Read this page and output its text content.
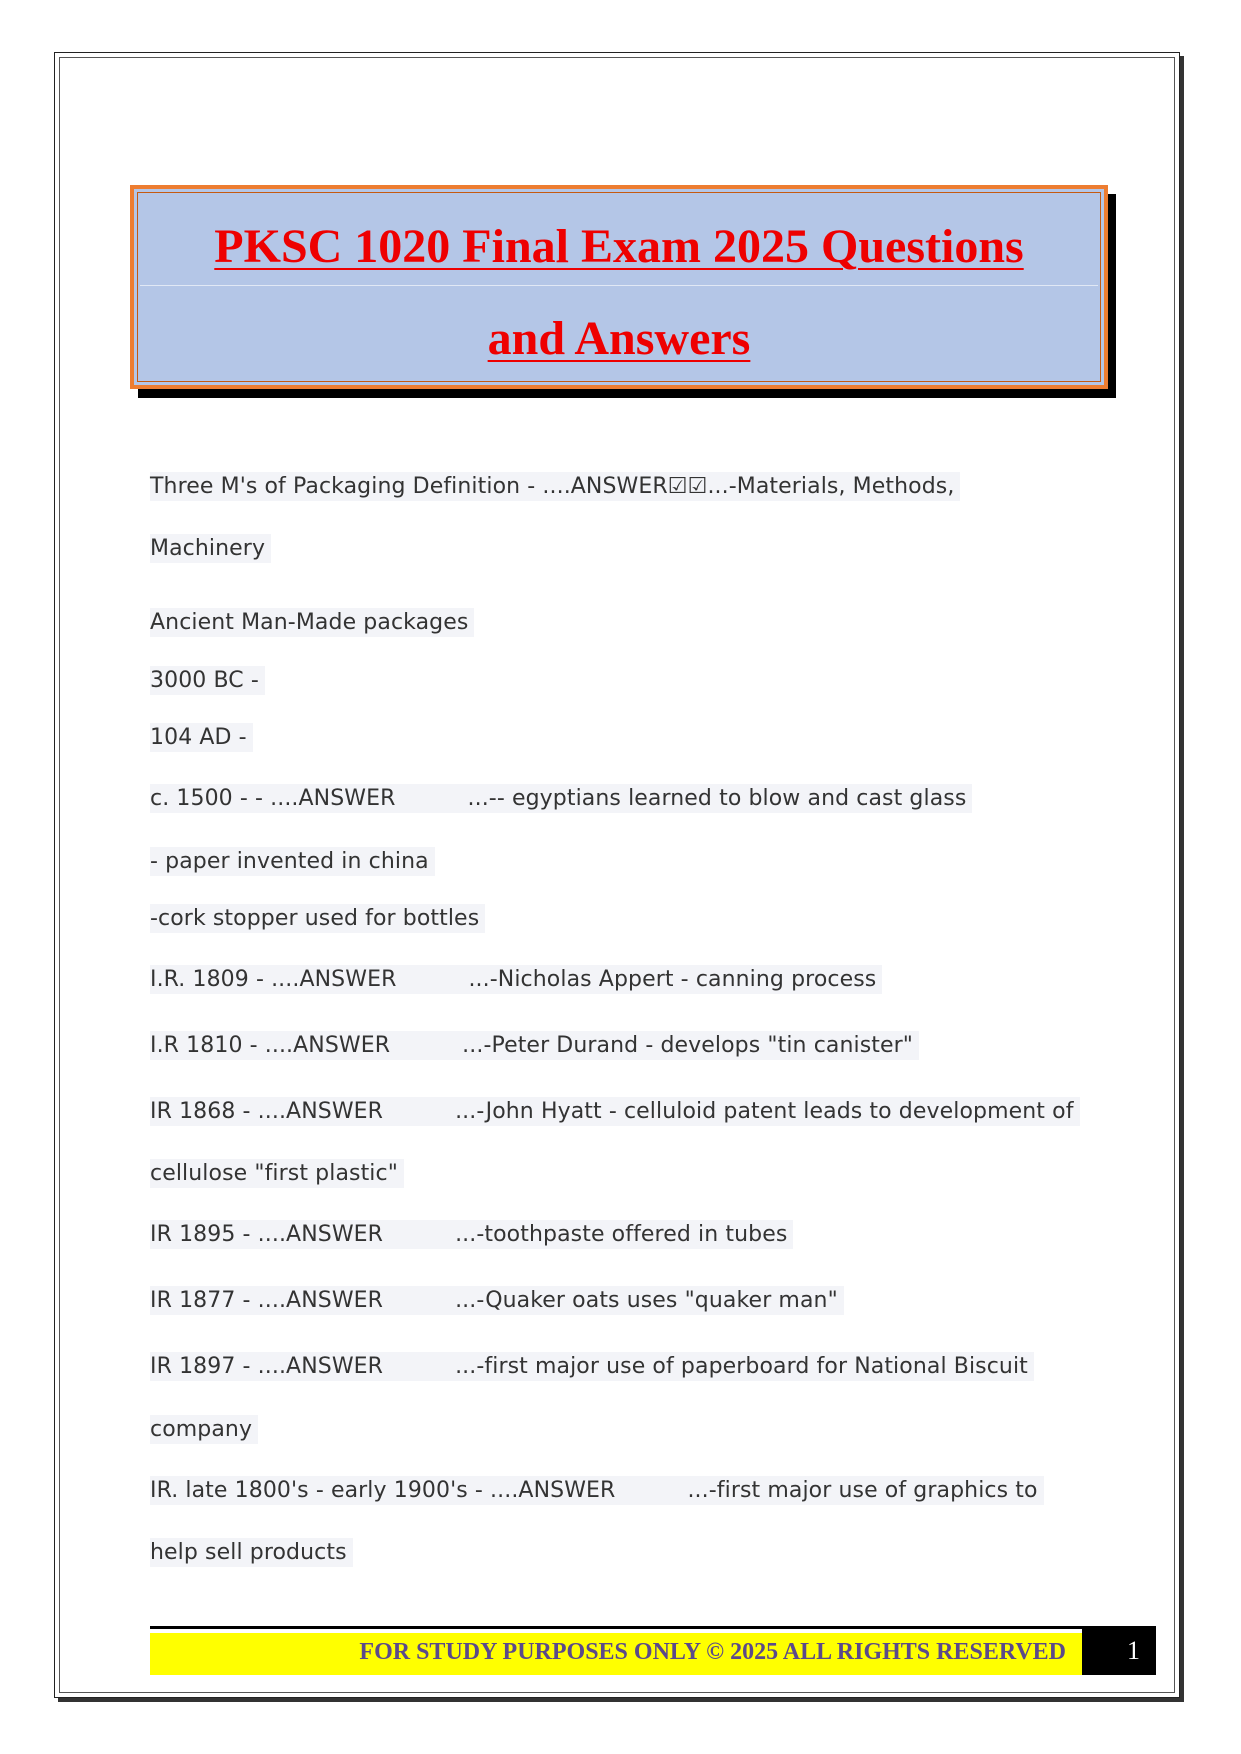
PKSC 1020 Final Exam 2025 Questions
and Answers

Three M's of Packaging Definition - ....ANSWER☑☑...-Materials, Methods,
Machinery
Ancient Man-Made packages
3000 BC -
104 AD -
c. 1500 - - ....ANSWER	...-- egyptians learned to blow and cast glass
- paper invented in china
-cork stopper used for bottles
I.R. 1809 - ....ANSWER	...-Nicholas Appert - canning process
I.R 1810 - ....ANSWER	...-Peter Durand - develops "tin canister"
IR 1868 - ....ANSWER	...-John Hyatt - celluloid patent leads to development of
cellulose "first plastic"
IR 1895 - ....ANSWER	...-toothpaste offered in tubes
IR 1877 - ....ANSWER	...-Quaker oats uses "quaker man"
IR 1897 - ....ANSWER	...-first major use of paperboard for National Biscuit
company
IR. late 1800's - early 1900's - ....ANSWER	...-first major use of graphics to
help sell products

FOR STUDY PURPOSES ONLY © 2025 ALL RIGHTS RESERVED	1
